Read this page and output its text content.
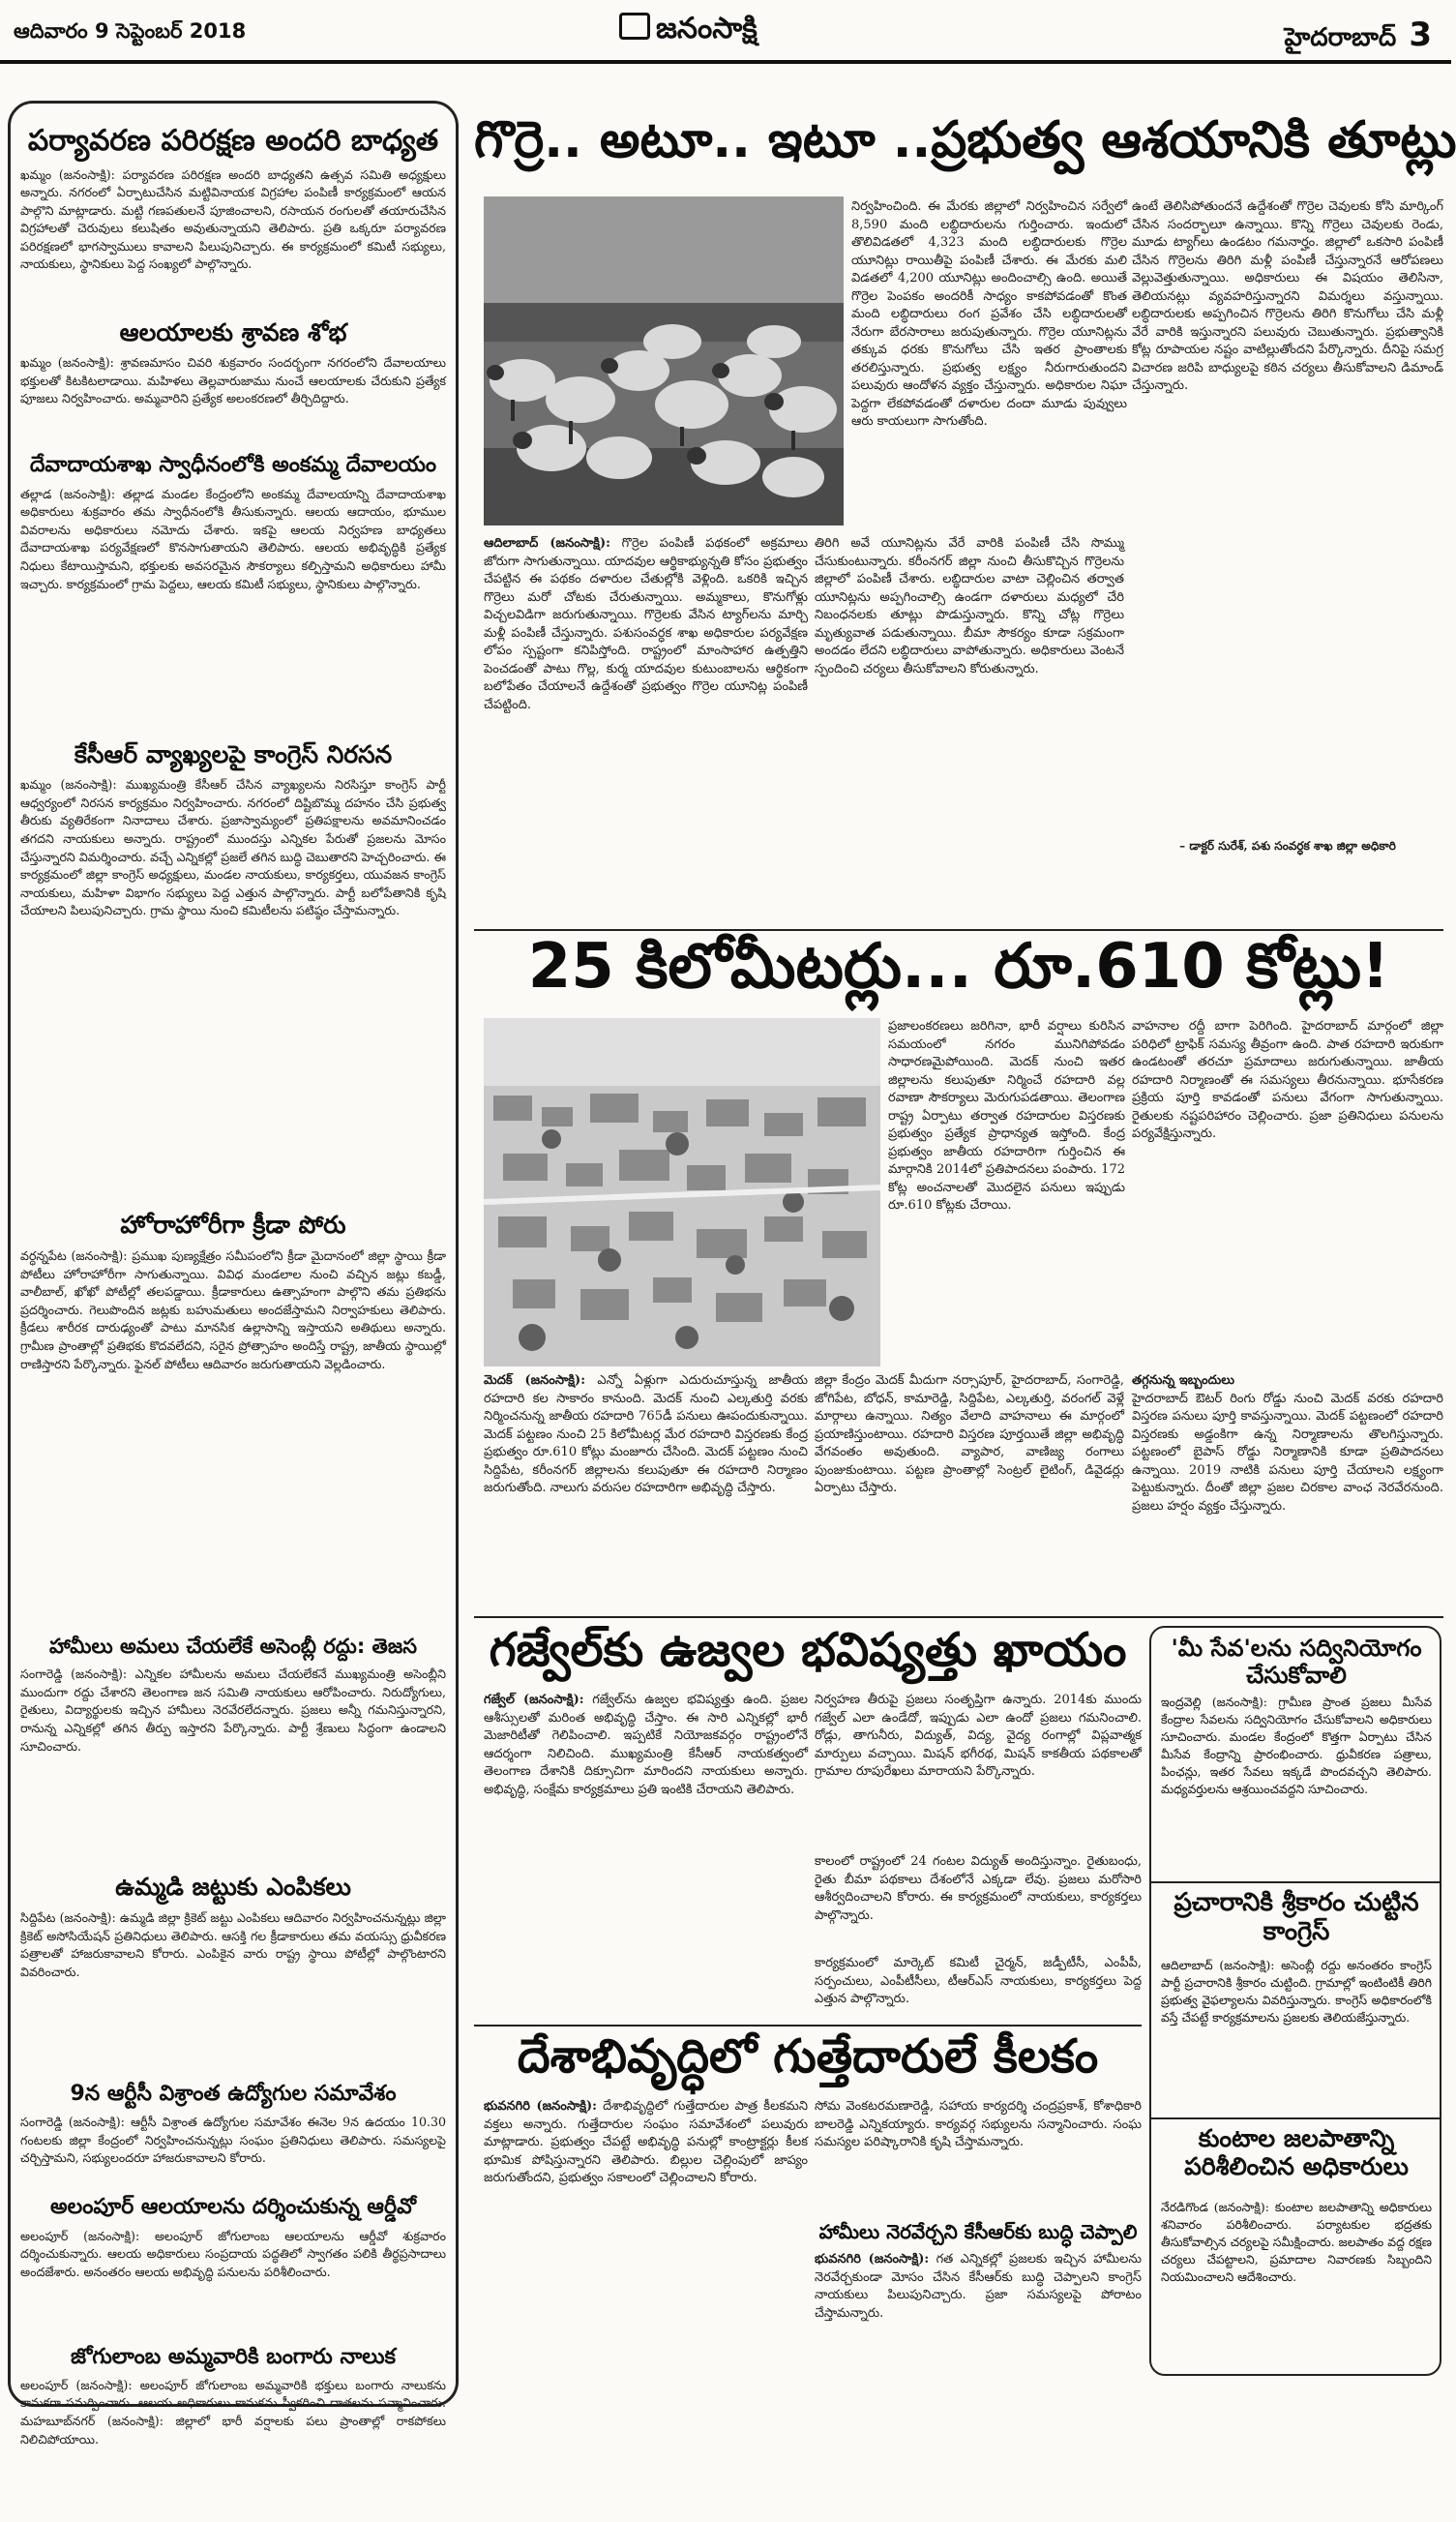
ఆదివారం 9 సెప్టెంబర్‌ 2018	జనంసాక్షి	హైదరాబాద్‌ 3
పర్యావరణ పరిరక్షణ అందరి బాధ్యత
ఖమ్మం (జనంసాక్షి): పర్యావరణ పరిరక్షణ అందరి బాధ్యతని ఉత్సవ సమితి అధ్యక్షులు అన్నారు. నగరంలో ఏర్పాటుచేసిన మట్టివినాయక విగ్రహాల పంపిణీ కార్యక్రమంలో ఆయన పాల్గొని మాట్లాడారు. మట్టి గణపతులనే పూజించాలని, రసాయన రంగులతో తయారుచేసిన విగ్రహాలతో చెరువులు కలుషితం అవుతున్నాయని తెలిపారు. ప్రతి ఒక్కరూ పర్యావరణ పరిరక్షణలో భాగస్వాములు కావాలని పిలుపునిచ్చారు. ఈ కార్యక్రమంలో కమిటీ సభ్యులు, నాయకులు, స్థానికులు పెద్ద సంఖ్యలో పాల్గొన్నారు.
ఆలయాలకు శ్రావణ శోభ
ఖమ్మం (జనంసాక్షి): శ్రావణమాసం చివరి శుక్రవారం సందర్భంగా నగరంలోని దేవాలయాలు భక్తులతో కిటకిటలాడాయి. మహిళలు తెల్లవారుజాము నుంచే ఆలయాలకు చేరుకుని ప్రత్యేక పూజలు నిర్వహించారు. అమ్మవారిని ప్రత్యేక అలంకరణలో తీర్చిదిద్దారు.
దేవాదాయశాఖ స్వాధీనంలోకి అంకమ్మ దేవాలయం
తల్లాడ (జనంసాక్షి): తల్లాడ మండల కేంద్రంలోని అంకమ్మ దేవాలయాన్ని దేవాదాయశాఖ అధికారులు శుక్రవారం తమ స్వాధీనంలోకి తీసుకున్నారు. ఆలయ ఆదాయం, భూముల వివరాలను అధికారులు నమోదు చేశారు. ఇకపై ఆలయ నిర్వహణ బాధ్యతలు దేవాదాయశాఖ పర్యవేక్షణలో కొనసాగుతాయని తెలిపారు. ఆలయ అభివృద్ధికి ప్రత్యేక నిధులు కేటాయిస్తామని, భక్తులకు అవసరమైన సౌకర్యాలు కల్పిస్తామని అధికారులు హామీ ఇచ్చారు. కార్యక్రమంలో గ్రామ పెద్దలు, ఆలయ కమిటీ సభ్యులు, స్థానికులు పాల్గొన్నారు.
కేసీఆర్‌ వ్యాఖ్యలపై కాంగ్రెస్‌ నిరసన
ఖమ్మం (జనంసాక్షి): ముఖ్యమంత్రి కేసీఆర్‌ చేసిన వ్యాఖ్యలను నిరసిస్తూ కాంగ్రెస్‌ పార్టీ ఆధ్వర్యంలో నిరసన కార్యక్రమం నిర్వహించారు. నగరంలో దిష్టిబొమ్మ దహనం చేసి ప్రభుత్వ తీరుకు వ్యతిరేకంగా నినాదాలు చేశారు. ప్రజాస్వామ్యంలో ప్రతిపక్షాలను అవమానించడం తగదని నాయకులు అన్నారు. రాష్ట్రంలో ముందస్తు ఎన్నికల పేరుతో ప్రజలను మోసం చేస్తున్నారని విమర్శించారు. వచ్చే ఎన్నికల్లో ప్రజలే తగిన బుద్ధి చెబుతారని హెచ్చరించారు. ఈ కార్యక్రమంలో జిల్లా కాంగ్రెస్‌ అధ్యక్షులు, మండల నాయకులు, కార్యకర్తలు, యువజన కాంగ్రెస్‌ నాయకులు, మహిళా విభాగం సభ్యులు పెద్ద ఎత్తున పాల్గొన్నారు. పార్టీ బలోపేతానికి కృషి చేయాలని పిలుపునిచ్చారు. గ్రామ స్థాయి నుంచి కమిటీలను పటిష్ఠం చేస్తామన్నారు.
హోరాహోరీగా క్రీడా పోరు
వర్ధన్నపేట (జనంసాక్షి): ప్రముఖ పుణ్యక్షేత్రం సమీపంలోని క్రీడా మైదానంలో జిల్లా స్థాయి క్రీడా పోటీలు హోరాహోరీగా సాగుతున్నాయి. వివిధ మండలాల నుంచి వచ్చిన జట్లు కబడ్డీ, వాలీబాల్‌, ఖోఖో పోటీల్లో తలపడ్డాయి. క్రీడాకారులు ఉత్సాహంగా పాల్గొని తమ ప్రతిభను ప్రదర్శించారు. గెలుపొందిన జట్లకు బహుమతులు అందజేస్తామని నిర్వాహకులు తెలిపారు. క్రీడలు శారీరక దారుఢ్యంతో పాటు మానసిక ఉల్లాసాన్ని ఇస్తాయని అతిథులు అన్నారు. గ్రామీణ ప్రాంతాల్లో ప్రతిభకు కొదవలేదని, సరైన ప్రోత్సాహం అందిస్తే రాష్ట్ర, జాతీయ స్థాయిల్లో రాణిస్తారని పేర్కొన్నారు. ఫైనల్‌ పోటీలు ఆదివారం జరుగుతాయని వెల్లడించారు.
హామీలు అమలు చేయలేకే అసెంబ్లీ రద్దు: తెజస
సంగారెడ్డి (జనంసాక్షి): ఎన్నికల హామీలను అమలు చేయలేకనే ముఖ్యమంత్రి అసెంబ్లీని ముందుగా రద్దు చేశారని తెలంగాణ జన సమితి నాయకులు ఆరోపించారు. నిరుద్యోగులు, రైతులు, విద్యార్థులకు ఇచ్చిన హామీలు నెరవేరలేదన్నారు. ప్రజలు అన్నీ గమనిస్తున్నారని, రానున్న ఎన్నికల్లో తగిన తీర్పు ఇస్తారని పేర్కొన్నారు. పార్టీ శ్రేణులు సిద్ధంగా ఉండాలని సూచించారు.
ఉమ్మడి జట్టుకు ఎంపికలు
సిద్దిపేట (జనంసాక్షి): ఉమ్మడి జిల్లా క్రికెట్‌ జట్టు ఎంపికలు ఆదివారం నిర్వహించనున్నట్లు జిల్లా క్రికెట్‌ అసోసియేషన్‌ ప్రతినిధులు తెలిపారు. ఆసక్తి గల క్రీడాకారులు తమ వయస్సు ధ్రువీకరణ పత్రాలతో హాజరుకావాలని కోరారు. ఎంపికైన వారు రాష్ట్ర స్థాయి పోటీల్లో పాల్గొంటారని వివరించారు.
9న ఆర్టీసీ విశ్రాంత ఉద్యోగుల సమావేశం
సంగారెడ్డి (జనంసాక్షి): ఆర్టీసీ విశ్రాంత ఉద్యోగుల సమావేశం ఈనెల 9న ఉదయం 10.30 గంటలకు జిల్లా కేంద్రంలో నిర్వహించనున్నట్లు సంఘం ప్రతినిధులు తెలిపారు. సమస్యలపై చర్చిస్తామని, సభ్యులందరూ హాజరుకావాలని కోరారు.
అలంపూర్‌ ఆలయాలను దర్శించుకున్న ఆర్డీవో
అలంపూర్‌ (జనంసాక్షి): అలంపూర్‌ జోగులాంబ ఆలయాలను ఆర్డీవో శుక్రవారం దర్శించుకున్నారు. ఆలయ అధికారులు సంప్రదాయ పద్ధతిలో స్వాగతం పలికి తీర్థప్రసాదాలు అందజేశారు. అనంతరం ఆలయ అభివృద్ధి పనులను పరిశీలించారు.
జోగులాంబ అమ్మవారికి బంగారు నాలుక
అలంపూర్‌ (జనంసాక్షి): అలంపూర్‌ జోగులాంబ అమ్మవారికి భక్తులు బంగారు నాలుకను కానుకగా సమర్పించారు. ఆలయ అధికారులు కానుకను స్వీకరించి దాతలను సన్మానించారు. మహబూబ్‌నగర్‌ (జనంసాక్షి): జిల్లాలో భారీ వర్షాలకు పలు ప్రాంతాల్లో రాకపోకలు నిలిచిపోయాయి.
గొర్రె.. అటూ.. ఇటూ ..ప్రభుత్వ ఆశయానికి తూట్లు
నిర్వహించింది. ఈ మేరకు జిల్లాలో నిర్వహించిన సర్వేలో 8,590 మంది లబ్ధిదారులను గుర్తించారు. ఇందులో తొలివిడతలో 4,323 మంది లబ్ధిదారులకు గొర్రెల యూనిట్లు రాయితీపై పంపిణీ చేశారు. ఈ మేరకు మలి విడతలో 4,200 యూనిట్లు అందించాల్సి ఉంది. అయితే గొర్రెల పెంపకం అందరికీ సాధ్యం కాకపోవడంతో కొంత మంది లబ్ధిదారులు రంగ ప్రవేశం చేసి లబ్ధిదారులతో నేరుగా బేరసారాలు జరుపుతున్నారు. గొర్రెల యూనిట్లను తక్కువ ధరకు కొనుగోలు చేసి ఇతర ప్రాంతాలకు తరలిస్తున్నారు. ప్రభుత్వ లక్ష్యం నీరుగారుతుందని పలువురు ఆందోళన వ్యక్తం చేస్తున్నారు. అధికారుల నిఘా పెద్దగా లేకపోవడంతో దళారుల దందా మూడు పువ్వులు ఆరు కాయలుగా సాగుతోంది.
ఉంటే తెలిసిపోతుందనే ఉద్దేశంతో గొర్రెల చెవులకు కోసి మార్కింగ్‌ చేసిన సందర్భాలూ ఉన్నాయి. కొన్ని గొర్రెలు చెవులకు రెండు, మూడు ట్యాగ్‌లు ఉండటం గమనార్హం. జిల్లాలో ఒకసారి పంపిణీ చేసిన గొర్రెలను తిరిగి మళ్లీ పంపిణీ చేస్తున్నారనే ఆరోపణలు వెల్లువెత్తుతున్నాయి. అధికారులు ఈ విషయం తెలిసినా, తెలియనట్లు వ్యవహరిస్తున్నారని విమర్శలు వస్తున్నాయి. లబ్ధిదారులకు అప్పగించిన గొర్రెలను తిరిగి కొనుగోలు చేసి మళ్లీ వేరే వారికి ఇస్తున్నారని పలువురు చెబుతున్నారు. ప్రభుత్వానికి కోట్ల రూపాయల నష్టం వాటిల్లుతోందని పేర్కొన్నారు. దీనిపై సమగ్ర విచారణ జరిపి బాధ్యులపై కఠిన చర్యలు తీసుకోవాలని డిమాండ్‌ చేస్తున్నారు.
ఆదిలాబాద్‌ (జనంసాక్షి): గొర్రెల పంపిణీ పథకంలో అక్రమాలు జోరుగా సాగుతున్నాయి. యాదవుల ఆర్థికాభ్యున్నతి కోసం ప్రభుత్వం చేపట్టిన ఈ పథకం దళారుల చేతుల్లోకి వెళ్లింది. ఒకరికి ఇచ్చిన గొర్రెలు మరో చోటకు చేరుతున్నాయి. అమ్మకాలు, కొనుగోళ్లు విచ్చలవిడిగా జరుగుతున్నాయి. గొర్రెలకు వేసిన ట్యాగ్‌లను మార్చి మళ్లీ పంపిణీ చేస్తున్నారు. పశుసంవర్ధక శాఖ అధికారుల పర్యవేక్షణ లోపం స్పష్టంగా కనిపిస్తోంది. రాష్ట్రంలో మాంసాహార ఉత్పత్తిని పెంచడంతో పాటు గొల్ల, కుర్మ యాదవుల కుటుంబాలను ఆర్థికంగా బలోపేతం చేయాలనే ఉద్దేశంతో ప్రభుత్వం గొర్రెల యూనిట్ల పంపిణీ చేపట్టింది.
తిరిగి అవే యూనిట్లను వేరే వారికి పంపిణీ చేసి సొమ్ము చేసుకుంటున్నారు. కరీంనగర్‌ జిల్లా నుంచి తీసుకొచ్చిన గొర్రెలను జిల్లాలో పంపిణీ చేశారు. లబ్ధిదారుల వాటా చెల్లించిన తర్వాత యూనిట్లను అప్పగించాల్సి ఉండగా దళారులు మధ్యలో చేరి నిబంధనలకు తూట్లు పొడుస్తున్నారు. కొన్ని చోట్ల గొర్రెలు మృత్యువాత పడుతున్నాయి. బీమా సౌకర్యం కూడా సక్రమంగా అందడం లేదని లబ్ధిదారులు వాపోతున్నారు. అధికారులు వెంటనే స్పందించి చర్యలు తీసుకోవాలని కోరుతున్నారు.
– డాక్టర్‌ సురేశ్‌, పశు సంవర్ధక శాఖ జిల్లా అధికారి
25 కిలోమీటర్లు... రూ.610 కోట్లు!
ప్రజాలంకరణలు జరిగినా, భారీ వర్షాలు కురిసిన సమయంలో నగరం మునిగిపోవడం సాధారణమైపోయింది. మెదక్‌ నుంచి ఇతర జిల్లాలను కలుపుతూ నిర్మించే రహదారి వల్ల రవాణా సౌకర్యాలు మెరుగుపడతాయి. తెలంగాణ రాష్ట్ర ఏర్పాటు తర్వాత రహదారుల విస్తరణకు ప్రభుత్వం ప్రత్యేక ప్రాధాన్యత ఇస్తోంది. కేంద్ర ప్రభుత్వం జాతీయ రహదారిగా గుర్తించిన ఈ మార్గానికి 2014లో ప్రతిపాదనలు పంపారు. 172 కోట్ల అంచనాలతో మొదలైన పనులు ఇప్పుడు రూ.610 కోట్లకు చేరాయి.
వాహనాల రద్దీ బాగా పెరిగింది. హైదరాబాద్‌ మార్గంలో జిల్లా పరిధిలో ట్రాఫిక్‌ సమస్య తీవ్రంగా ఉంది. పాత రహదారి ఇరుకుగా ఉండటంతో తరచూ ప్రమాదాలు జరుగుతున్నాయి. జాతీయ రహదారి నిర్మాణంతో ఈ సమస్యలు తీరనున్నాయి. భూసేకరణ ప్రక్రియ పూర్తి కావడంతో పనులు వేగంగా సాగుతున్నాయి. రైతులకు నష్టపరిహారం చెల్లించారు. ప్రజా ప్రతినిధులు పనులను పర్యవేక్షిస్తున్నారు.
మెదక్‌ (జనంసాక్షి): ఎన్నో ఏళ్లుగా ఎదురుచూస్తున్న జాతీయ రహదారి కల సాకారం కానుంది. మెదక్‌ నుంచి ఎల్కతుర్తి వరకు నిర్మించనున్న జాతీయ రహదారి 765డీ పనులు ఊపందుకున్నాయి. మెదక్‌ పట్టణం నుంచి 25 కిలోమీటర్ల మేర రహదారి విస్తరణకు కేంద్ర ప్రభుత్వం రూ.610 కోట్లు మంజూరు చేసింది. మెదక్‌ పట్టణం నుంచి సిద్దిపేట, కరీంనగర్‌ జిల్లాలను కలుపుతూ ఈ రహదారి నిర్మాణం జరుగుతోంది. నాలుగు వరుసల రహదారిగా అభివృద్ధి చేస్తారు.
జిల్లా కేంద్రం మెదక్‌ మీదుగా నర్సాపూర్‌, హైదరాబాద్‌, సంగారెడ్డి, జోగిపేట, బోధన్‌, కామారెడ్డి, సిద్దిపేట, ఎల్కతుర్తి, వరంగల్‌ వెళ్లే మార్గాలు ఉన్నాయి. నిత్యం వేలాది వాహనాలు ఈ మార్గంలో ప్రయాణిస్తుంటాయి. రహదారి విస్తరణ పూర్తయితే జిల్లా అభివృద్ధి వేగవంతం అవుతుంది. వ్యాపార, వాణిజ్య రంగాలు పుంజుకుంటాయి. పట్టణ ప్రాంతాల్లో సెంట్రల్‌ లైటింగ్‌, డివైడర్లు ఏర్పాటు చేస్తారు.
తగ్గనున్న ఇబ్బందులు
హైదరాబాద్‌ ఔటర్‌ రింగు రోడ్డు నుంచి మెదక్‌ వరకు రహదారి విస్తరణ పనులు పూర్తి కావస్తున్నాయి. మెదక్‌ పట్టణంలో రహదారి విస్తరణకు అడ్డంకిగా ఉన్న నిర్మాణాలను తొలగిస్తున్నారు. పట్టణంలో బైపాస్‌ రోడ్డు నిర్మాణానికి కూడా ప్రతిపాదనలు ఉన్నాయి. 2019 నాటికి పనులు పూర్తి చేయాలని లక్ష్యంగా పెట్టుకున్నారు. దీంతో జిల్లా ప్రజల చిరకాల వాంఛ నెరవేరనుంది. ప్రజలు హర్షం వ్యక్తం చేస్తున్నారు.
గజ్వేల్‌కు ఉజ్వల భవిష్యత్తు ఖాయం
గజ్వేల్‌ (జనంసాక్షి): గజ్వేల్‌ను ఉజ్వల భవిష్యత్తు ఉంది. ప్రజల ఆశీస్సులతో మరింత అభివృద్ధి చేస్తాం. ఈ సారి ఎన్నికల్లో భారీ మెజారిటీతో గెలిపించాలి. ఇప్పటికే నియోజకవర్గం రాష్ట్రంలోనే ఆదర్శంగా నిలిచింది. ముఖ్యమంత్రి కేసీఆర్‌ నాయకత్వంలో తెలంగాణ దేశానికి దిక్సూచిగా మారిందని నాయకులు అన్నారు. అభివృద్ధి, సంక్షేమ కార్యక్రమాలు ప్రతి ఇంటికి చేరాయని తెలిపారు.
నిర్వహణ తీరుపై ప్రజలు సంతృప్తిగా ఉన్నారు. 2014కు ముందు గజ్వేల్‌ ఎలా ఉండేదో, ఇప్పుడు ఎలా ఉందో ప్రజలు గమనించాలి. రోడ్లు, తాగునీరు, విద్యుత్‌, విద్య, వైద్య రంగాల్లో విప్లవాత్మక మార్పులు వచ్చాయి. మిషన్‌ భగీరథ, మిషన్‌ కాకతీయ పథకాలతో గ్రామాల రూపురేఖలు మారాయని పేర్కొన్నారు.
కాలంలో రాష్ట్రంలో 24 గంటల విద్యుత్‌ అందిస్తున్నాం. రైతుబంధు, రైతు బీమా పథకాలు దేశంలోనే ఎక్కడా లేవు. ప్రజలు మరోసారి ఆశీర్వదించాలని కోరారు. ఈ కార్యక్రమంలో నాయకులు, కార్యకర్తలు పాల్గొన్నారు.
కార్యక్రమంలో మార్కెట్‌ కమిటీ చైర్మన్‌, జడ్పీటీసీ, ఎంపీపీ, సర్పంచులు, ఎంపీటీసీలు, టీఆర్‌ఎస్‌ నాయకులు, కార్యకర్తలు పెద్ద ఎత్తున పాల్గొన్నారు.
దేశాభివృద్ధిలో గుత్తేదారులే కీలకం
భువనగిరి (జనంసాక్షి): దేశాభివృద్ధిలో గుత్తేదారుల పాత్ర కీలకమని వక్తలు అన్నారు. గుత్తేదారుల సంఘం సమావేశంలో పలువురు మాట్లాడారు. ప్రభుత్వం చేపట్టే అభివృద్ధి పనుల్లో కాంట్రాక్టర్లు కీలక భూమిక పోషిస్తున్నారని తెలిపారు. బిల్లుల చెల్లింపులో జాప్యం జరుగుతోందని, ప్రభుత్వం సకాలంలో చెల్లించాలని కోరారు.
సోమ వెంకటరమణారెడ్డి, సహాయ కార్యదర్శి చంద్రప్రకాశ్‌, కోశాధికారి బాలరెడ్డి ఎన్నికయ్యారు. కార్యవర్గ సభ్యులను సన్మానించారు. సంఘ సమస్యల పరిష్కారానికి కృషి చేస్తామన్నారు.
హామీలు నెరవేర్చని కేసీఆర్‌కు బుద్ధి చెప్పాలి
భువనగిరి (జనంసాక్షి): గత ఎన్నికల్లో ప్రజలకు ఇచ్చిన హామీలను నెరవేర్చకుండా మోసం చేసిన కేసీఆర్‌కు బుద్ధి చెప్పాలని కాంగ్రెస్‌ నాయకులు పిలుపునిచ్చారు. ప్రజా సమస్యలపై పోరాటం చేస్తామన్నారు.
'మీ సేవ'లను సద్వినియోగం చేసుకోవాలి
ఇంద్రవెల్లి (జనంసాక్షి): గ్రామీణ ప్రాంత ప్రజలు మీసేవ కేంద్రాల సేవలను సద్వినియోగం చేసుకోవాలని అధికారులు సూచించారు. మండల కేంద్రంలో కొత్తగా ఏర్పాటు చేసిన మీసేవ కేంద్రాన్ని ప్రారంభించారు. ధ్రువీకరణ పత్రాలు, పింఛన్లు, ఇతర సేవలు ఇక్కడే పొందవచ్చని తెలిపారు. మధ్యవర్తులను ఆశ్రయించవద్దని సూచించారు.
ప్రచారానికి శ్రీకారం చుట్టిన కాంగ్రెస్‌
ఆదిలాబాద్‌ (జనంసాక్షి): అసెంబ్లీ రద్దు అనంతరం కాంగ్రెస్‌ పార్టీ ప్రచారానికి శ్రీకారం చుట్టింది. గ్రామాల్లో ఇంటింటికీ తిరిగి ప్రభుత్వ వైఫల్యాలను వివరిస్తున్నారు. కాంగ్రెస్‌ అధికారంలోకి వస్తే చేపట్టే కార్యక్రమాలను ప్రజలకు తెలియజేస్తున్నారు.
కుంటాల జలపాతాన్ని పరిశీలించిన అధికారులు
నేరడిగొండ (జనంసాక్షి): కుంటాల జలపాతాన్ని అధికారులు శనివారం పరిశీలించారు. పర్యాటకుల భద్రతకు తీసుకోవాల్సిన చర్యలపై సమీక్షించారు. జలపాతం వద్ద రక్షణ చర్యలు చేపట్టాలని, ప్రమాదాల నివారణకు సిబ్బందిని నియమించాలని ఆదేశించారు.
